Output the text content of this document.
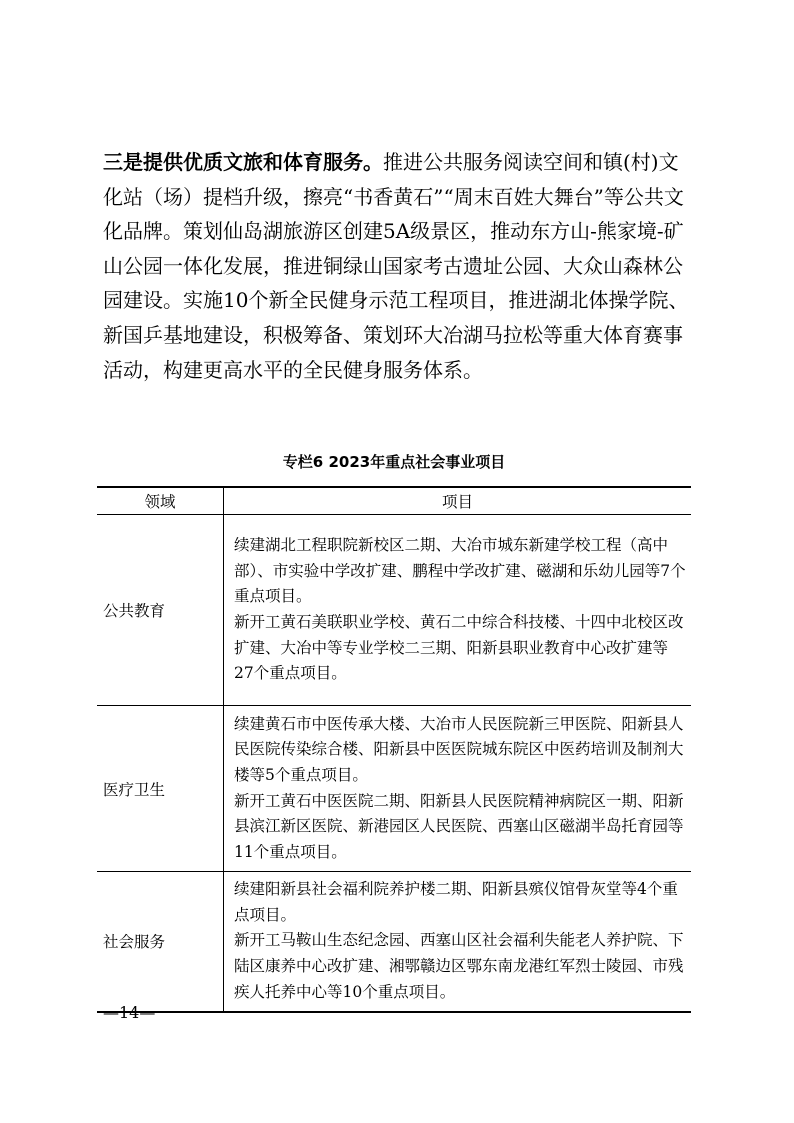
三是提供优质文旅和体育服务。推进公共服务阅读空间和镇(村)文化站（场）提档升级，擦亮“书香黄石”“周末百姓大舞台”等公共文化品牌。策划仙岛湖旅游区创建5A级景区，推动东方山-熊家境-矿山公园一体化发展，推进铜绿山国家考古遗址公园、大众山森林公园建设。实施10个新全民健身示范工程项目，推进湖北体操学院、新国乒基地建设，积极筹备、策划环大冶湖马拉松等重大体育赛事活动，构建更高水平的全民健身服务体系。

专栏6 2023年重点社会事业项目
领域	项目
公共教育	续建湖北工程职院新校区二期、大冶市城东新建学校工程（高中部）、市实验中学改扩建、鹏程中学改扩建、磁湖和乐幼儿园等7个重点项目。
新开工黄石美联职业学校、黄石二中综合科技楼、十四中北校区改扩建、大冶中等专业学校二三期、阳新县职业教育中心改扩建等27个重点项目。

医疗卫生	续建黄石市中医传承大楼、大冶市人民医院新三甲医院、阳新县人民医院传染综合楼、阳新县中医医院城东院区中医药培训及制剂大楼等5个重点项目。
新开工黄石中医医院二期、阳新县人民医院精神病院区一期、阳新县滨江新区医院、新港园区人民医院、西塞山区磁湖半岛托育园等11个重点项目。

社会服务	续建阳新县社会福利院养护楼二期、阳新县殡仪馆骨灰堂等4个重点项目。
新开工马鞍山生态纪念园、西塞山区社会福利失能老人养护院、下陆区康养中心改扩建、湘鄂赣边区鄂东南龙港红军烈士陵园、市残疾人托养中心等10个重点项目。
—14—
